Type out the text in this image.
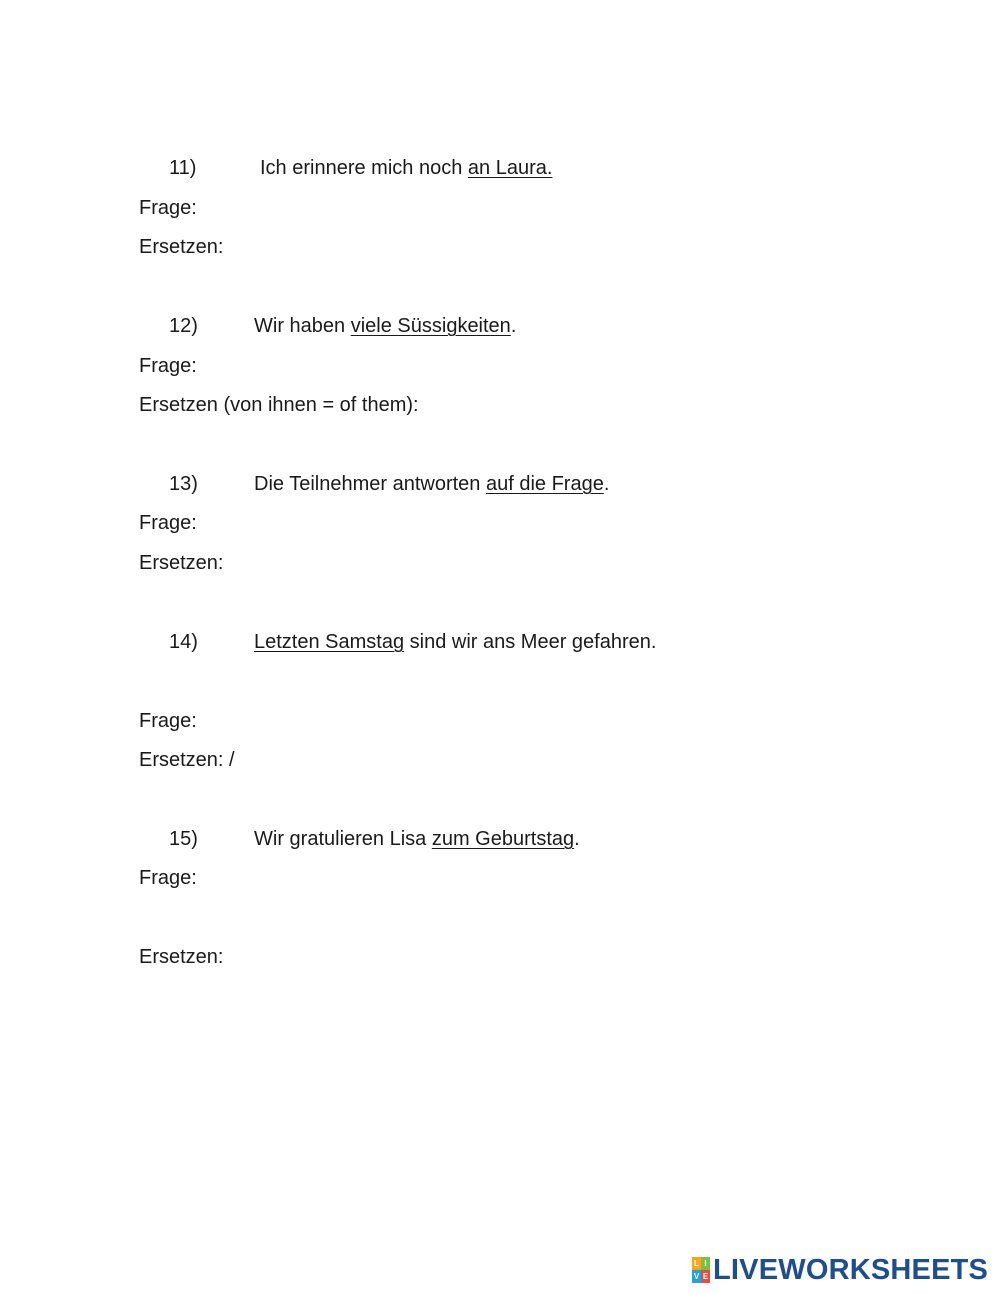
11)	Ich erinnere mich noch an Laura.
Frage:
Ersetzen:
12)	Wir haben viele Süssigkeiten.
Frage:
Ersetzen (von ihnen = of them):
13)	Die Teilnehmer antworten auf die Frage.
Frage:
Ersetzen:
14)	Letzten Samstag sind wir ans Meer gefahren.
Frage:
Ersetzen: /
15)	Wir gratulieren Lisa zum Geburtstag.
Frage:
Ersetzen:
L I
V E LIVEWORKSHEETS
